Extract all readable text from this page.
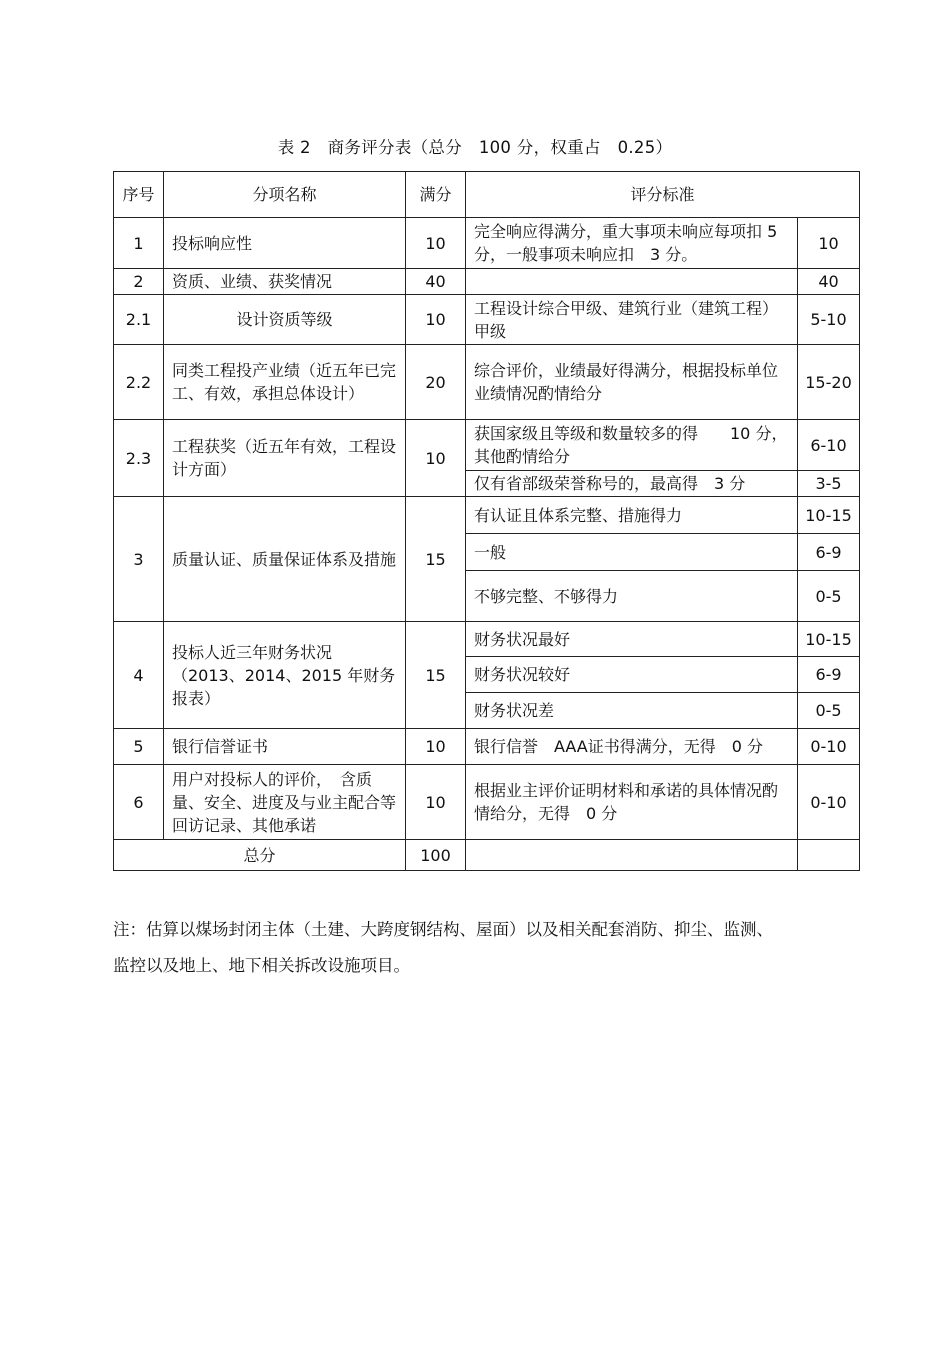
表 2　商务评分表（总分　100 分，权重占　0.25）
序号	分项名称	满分	评分标准	
1	投标响应性	10	完全响应得满分，重大事项未响应每项扣 5 分，一般事项未响应扣　3 分。	10
2	资质、业绩、获奖情况	40		40
2.1	设计资质等级	10	工程设计综合甲级、建筑行业（建筑工程）甲级	5-10
2.2	同类工程投产业绩（近五年已完工、有效，承担总体设计）	20	综合评价，业绩最好得满分，根据投标单位业绩情况酌情给分	15-20
2.3	工程获奖（近五年有效，工程设计方面）	10	获国家级且等级和数量较多的得　　10 分，其他酌情给分	6-10
			仅有省部级荣誉称号的，最高得　3 分	3-5
3	质量认证、质量保证体系及措施	15	有认证且体系完整、措施得力	10-15
			一般	6-9
			不够完整、不够得力	0-5
4	投标人近三年财务状况（2013、2014、2015 年财务报表）	15	财务状况最好	10-15
			财务状况较好	6-9
			财务状况差	0-5
5	银行信誉证书	10	银行信誉　AAA证书得满分，无得　0 分	0-10
6	用户对投标人的评价，　含质量、安全、进度及与业主配合等回访记录、其他承诺	10	根据业主评价证明材料和承诺的具体情况酌情给分，无得　0 分	0-10
总分		100		

注：估算以煤场封闭主体（土建、大跨度钢结构、屋面）以及相关配套消防、抑尘、监测、

监控以及地上、地下相关拆改设施项目。
